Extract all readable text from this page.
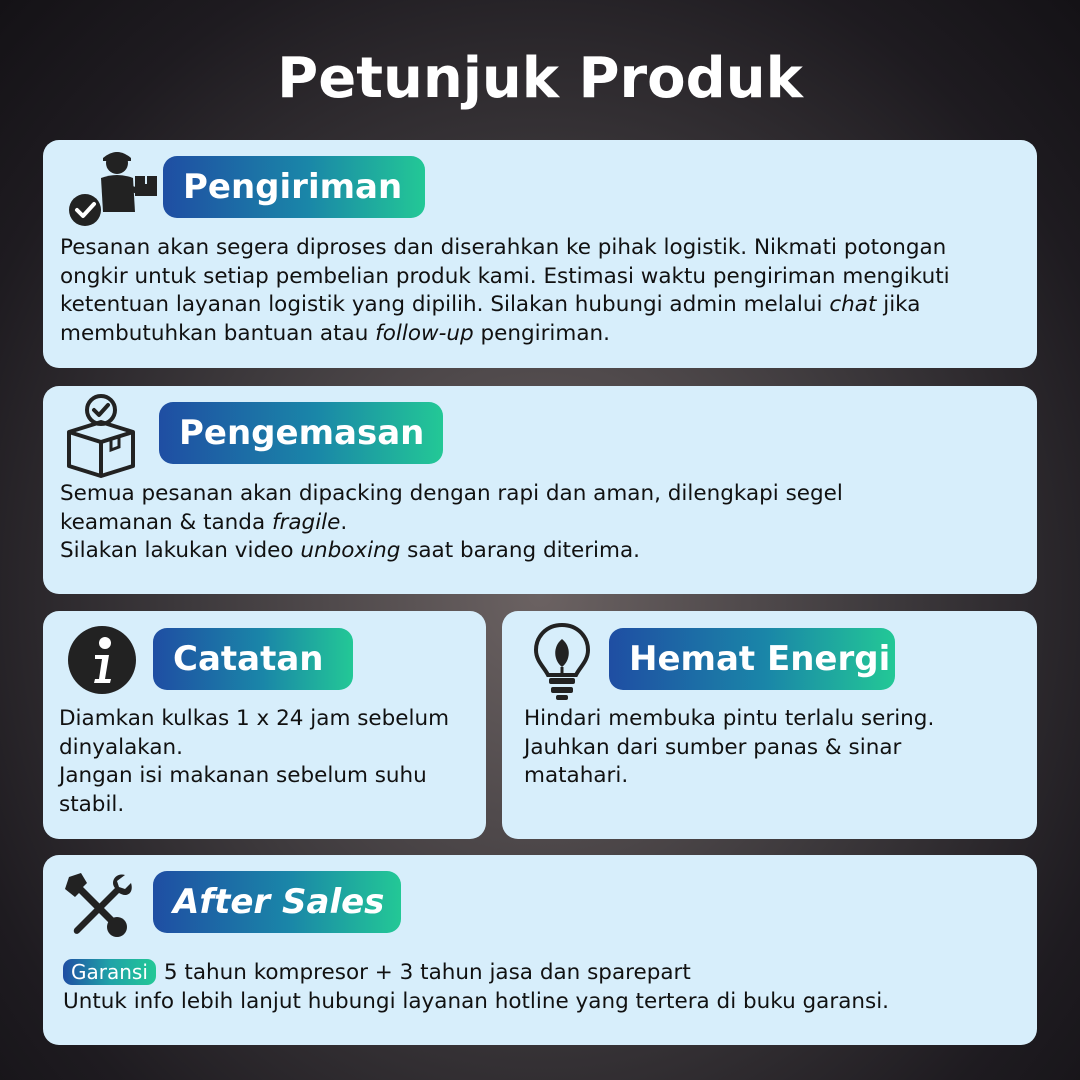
Petunjuk Produk
Pengiriman
Pesanan akan segera diproses dan diserahkan ke pihak logistik. Nikmati potongan ongkir untuk setiap pembelian produk kami. Estimasi waktu pengiriman mengikuti ketentuan layanan logistik yang dipilih. Silakan hubungi admin melalui chat jika membutuhkan bantuan atau follow-up pengiriman.
Pengemasan

Semua pesanan akan dipacking dengan rapi dan aman, dilengkapi segel keamanan & tanda fragile.

Silakan lakukan video unboxing saat barang diterima.

Catatan

Diamkan kulkas 1 x 24 jam sebelum dinyalakan.

Jangan isi makanan sebelum suhu stabil.

Hemat Energi

Hindari membuka pintu terlalu sering.

Jauhkan dari sumber panas & sinar matahari.

After Sales

Garansi 5 tahun kompresor + 3 tahun jasa dan sparepart

Untuk info lebih lanjut hubungi layanan hotline yang tertera di buku garansi.
